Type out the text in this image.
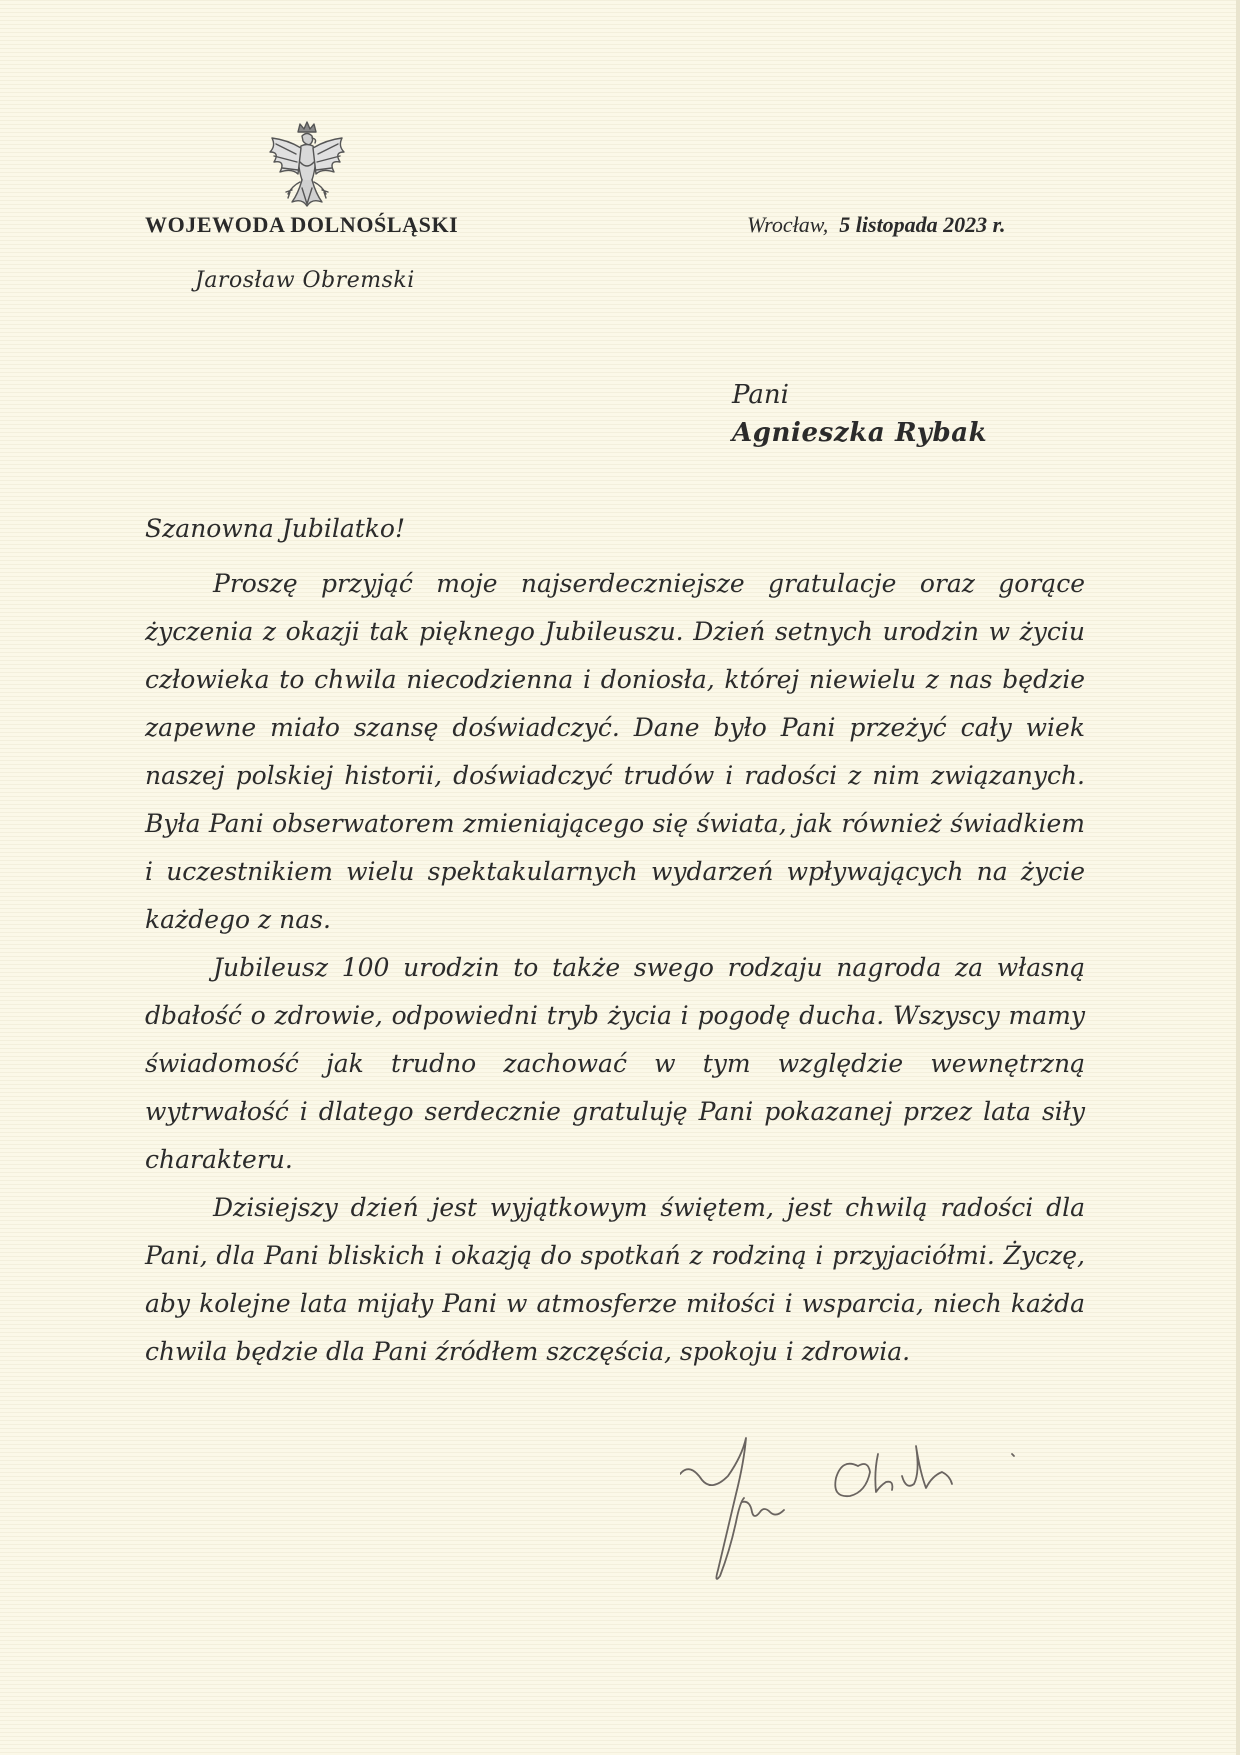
WOJEWODA DOLNOŚLĄSKI	Wrocław, 5 listopada 2023 r.
Jarosław Obremski
Pani
Agnieszka Rybak
Szanowna Jubilatko!

Proszę przyjąć moje najserdeczniejsze gratulacje oraz gorące życzenia z okazji tak pięknego Jubileuszu. Dzień setnych urodzin w życiu człowieka to chwila niecodzienna i doniosła, której niewielu z nas będzie zapewne miało szansę doświadczyć. Dane było Pani przeżyć cały wiek naszej polskiej historii, doświadczyć trudów i radości z nim związanych. Była Pani obserwatorem zmieniającego się świata, jak również świadkiem i uczestnikiem wielu spektakularnych wydarzeń wpływających na życie każdego z nas.

Jubileusz 100 urodzin to także swego rodzaju nagroda za własną dbałość o zdrowie, odpowiedni tryb życia i pogodę ducha. Wszyscy mamy świadomość jak trudno zachować w tym względzie wewnętrzną wytrwałość i dlatego serdecznie gratuluję Pani pokazanej przez lata siły charakteru.

Dzisiejszy dzień jest wyjątkowym świętem, jest chwilą radości dla Pani, dla Pani bliskich i okazją do spotkań z rodziną i przyjaciółmi. Życzę, aby kolejne lata mijały Pani w atmosferze miłości i wsparcia, niech każda chwila będzie dla Pani źródłem szczęścia, spokoju i zdrowia.
